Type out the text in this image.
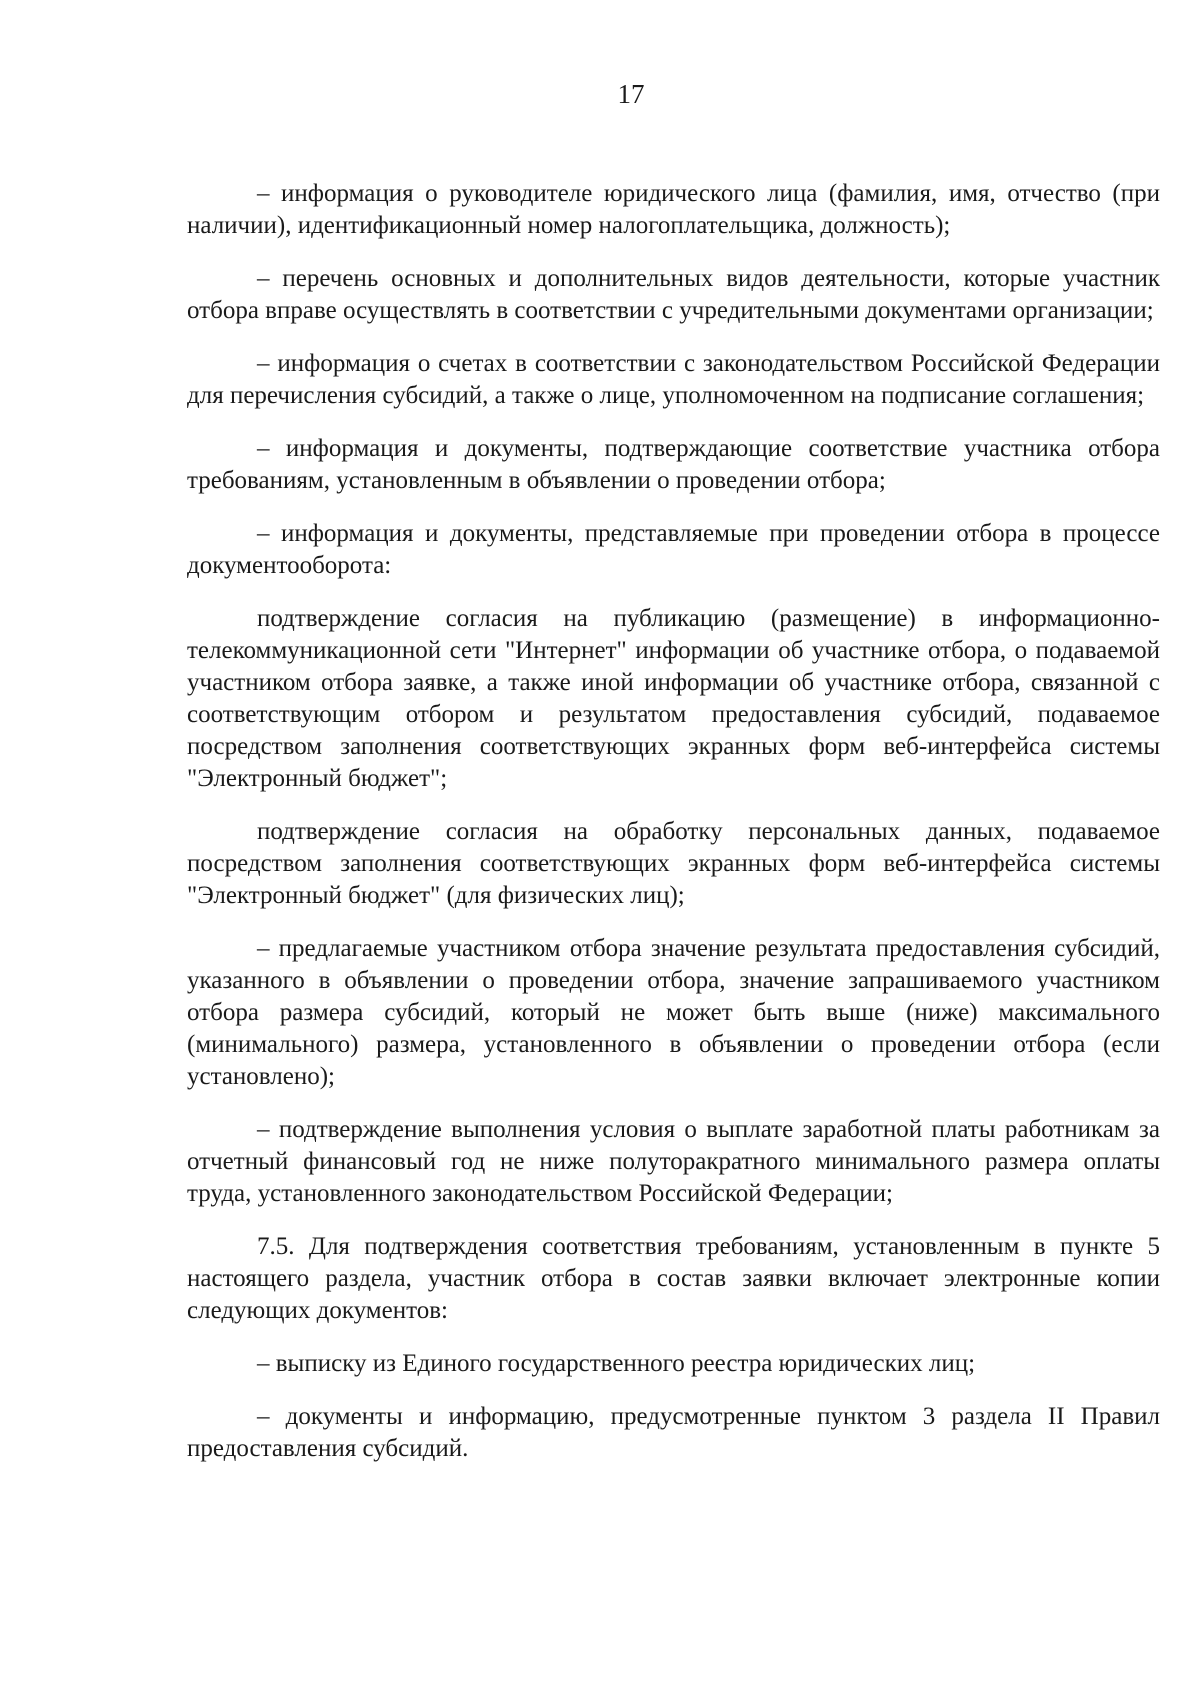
17

– информация о руководителе юридического лица (фамилия, имя, отчество (при наличии), идентификационный номер налогоплательщика, должность);

– перечень основных и дополнительных видов деятельности, которые участник отбора вправе осуществлять в соответствии с учредительными документами организации;

– информация о счетах в соответствии с законодательством Российской Федерации для перечисления субсидий, а также о лице, уполномоченном на подписание соглашения;

– информация и документы, подтверждающие соответствие участника отбора требованиям, установленным в объявлении о проведении отбора;

– информация и документы, представляемые при проведении отбора в процессе документооборота:

подтверждение согласия на публикацию (размещение) в информационно-телекоммуникационной сети "Интернет" информации об участнике отбора, о подаваемой участником отбора заявке, а также иной информации об участнике отбора, связанной с соответствующим отбором и результатом предоставления субсидий, подаваемое посредством заполнения соответствующих экранных форм веб-интерфейса системы "Электронный бюджет";

подтверждение согласия на обработку персональных данных, подаваемое посредством заполнения соответствующих экранных форм веб-интерфейса системы "Электронный бюджет" (для физических лиц);

– предлагаемые участником отбора значение результата предоставления субсидий, указанного в объявлении о проведении отбора, значение запрашиваемого участником отбора размера субсидий, который не может быть выше (ниже) максимального (минимального) размера, установленного в объявлении о проведении отбора (если установлено);

– подтверждение выполнения условия о выплате заработной платы работникам за отчетный финансовый год не ниже полуторакратного минимального размера оплаты труда, установленного законодательством Российской Федерации;

7.5. Для подтверждения соответствия требованиям, установленным в пункте 5 настоящего раздела, участник отбора в состав заявки включает электронные копии следующих документов:

– выписку из Единого государственного реестра юридических лиц;

– документы и информацию, предусмотренные пунктом 3 раздела II Правил предоставления субсидий.
